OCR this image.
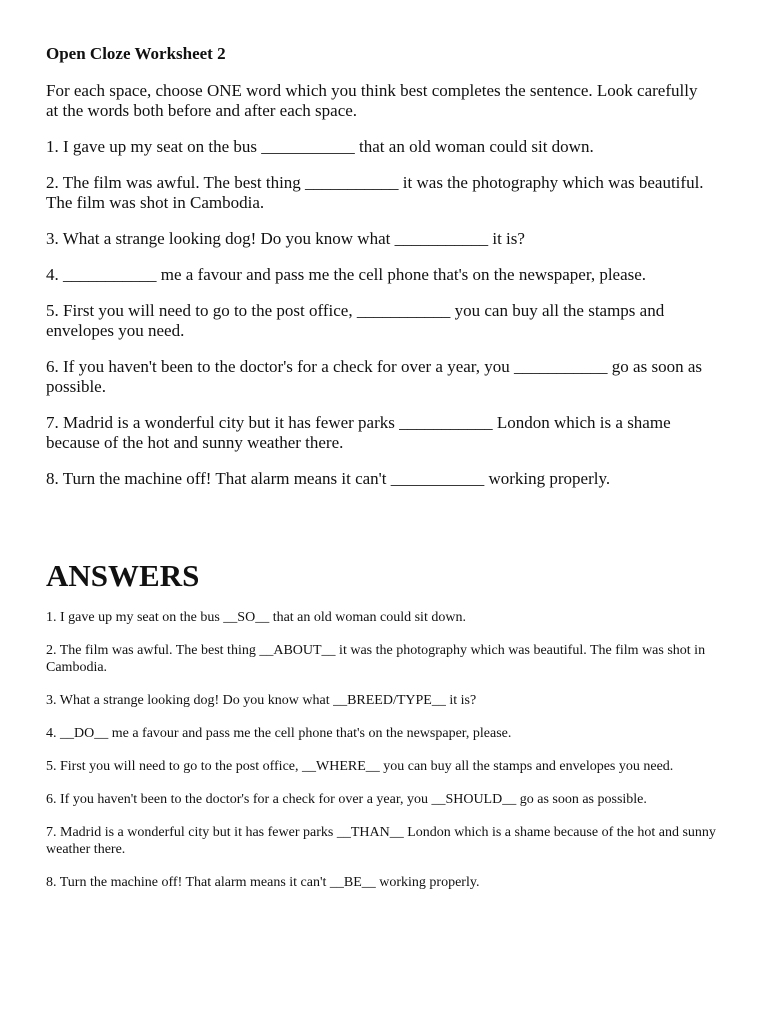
Open Cloze Worksheet 2

For each space, choose ONE word which you think best completes the sentence. Look carefully at the words both before and after each space.

1. I gave up my seat on the bus ___________ that an old woman could sit down.
2. The film was awful. The best thing ___________ it was the photography which was beautiful. The film was shot in Cambodia.
3. What a strange looking dog! Do you know what ___________ it is?
4. ___________ me a favour and pass me the cell phone that's on the newspaper, please.
5. First you will need to go to the post office, ___________ you can buy all the stamps and envelopes you need.
6. If you haven't been to the doctor's for a check for over a year, you ___________ go as soon as possible.
7. Madrid is a wonderful city but it has fewer parks ___________ London which is a shame because of the hot and sunny weather there.
8. Turn the machine off! That alarm means it can't ___________ working properly.
ANSWERS
1. I gave up my seat on the bus __SO__ that an old woman could sit down.
2. The film was awful. The best thing __ABOUT__ it was the photography which was beautiful. The film was shot in Cambodia.
3. What a strange looking dog! Do you know what __BREED/TYPE__ it is?
4. __DO__ me a favour and pass me the cell phone that's on the newspaper, please.
5. First you will need to go to the post office, __WHERE__ you can buy all the stamps and envelopes you need.
6. If you haven't been to the doctor's for a check for over a year, you __SHOULD__ go as soon as possible.
7. Madrid is a wonderful city but it has fewer parks __THAN__ London which is a shame because of the hot and sunny weather there.
8. Turn the machine off! That alarm means it can't __BE__ working properly.
